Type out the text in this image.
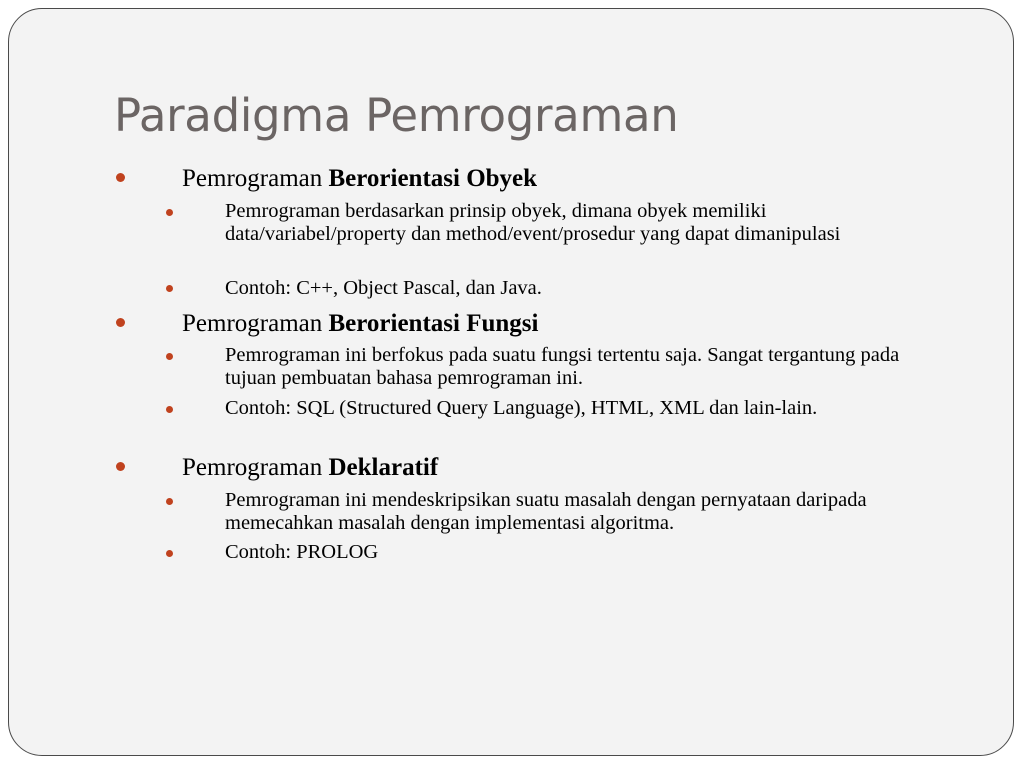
Paradigma Pemrograman
Pemrograman Berorientasi Obyek
Pemrograman berdasarkan prinsip obyek, dimana obyek memiliki data/variabel/property dan method/event/prosedur yang dapat dimanipulasi
Contoh: C++, Object Pascal, dan Java.
Pemrograman Berorientasi Fungsi
Pemrograman ini berfokus pada suatu fungsi tertentu saja. Sangat tergantung pada tujuan pembuatan bahasa pemrograman ini.
Contoh: SQL (Structured Query Language), HTML, XML dan lain-lain.
Pemrograman Deklaratif
Pemrograman ini mendeskripsikan suatu masalah dengan pernyataan daripada memecahkan masalah dengan implementasi algoritma.
Contoh: PROLOG
